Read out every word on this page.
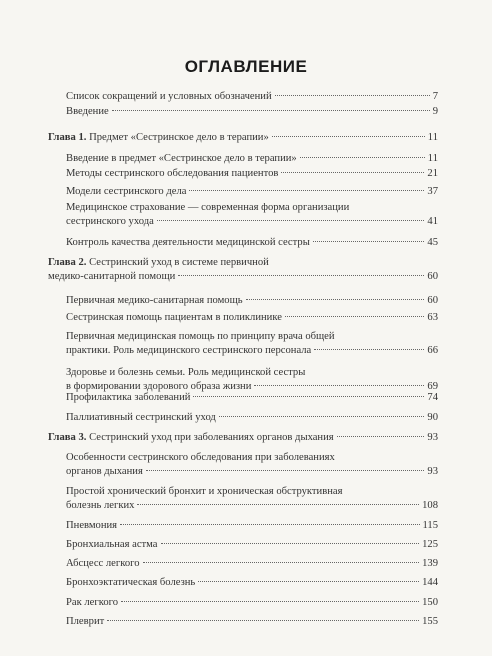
ОГЛАВЛЕНИЕ
Список сокращений и условных обозначений	7
Введение	9
Глава 1. Предмет «Сестринское дело в терапии»	11
Введение в предмет «Сестринское дело в терапии»	11
Методы сестринского обследования пациентов	21
Модели сестринского дела	37
Медицинское страхование — современная форма организации
сестринского ухода	41
Контроль качества деятельности медицинской сестры	45
Глава 2. Сестринский уход в системе первичной
медико-санитарной помощи	60
Первичная медико-санитарная помощь	60
Сестринская помощь пациентам в поликлинике	63
Первичная медицинская помощь по принципу врача общей
практики. Роль медицинского сестринского персонала	66
Здоровье и болезнь семьи. Роль медицинской сестры
в формировании здорового образа жизни	69
Профилактика заболеваний	74
Паллиативный сестринский уход	90
Глава 3. Сестринский уход при заболеваниях органов дыхания	93
Особенности сестринского обследования при заболеваниях
органов дыхания	93
Простой хронический бронхит и хроническая обструктивная
болезнь легких	108
Пневмония	115
Бронхиальная астма	125
Абсцесс легкого	139
Бронхоэктатическая болезнь	144
Рак легкого	150
Плеврит	155
